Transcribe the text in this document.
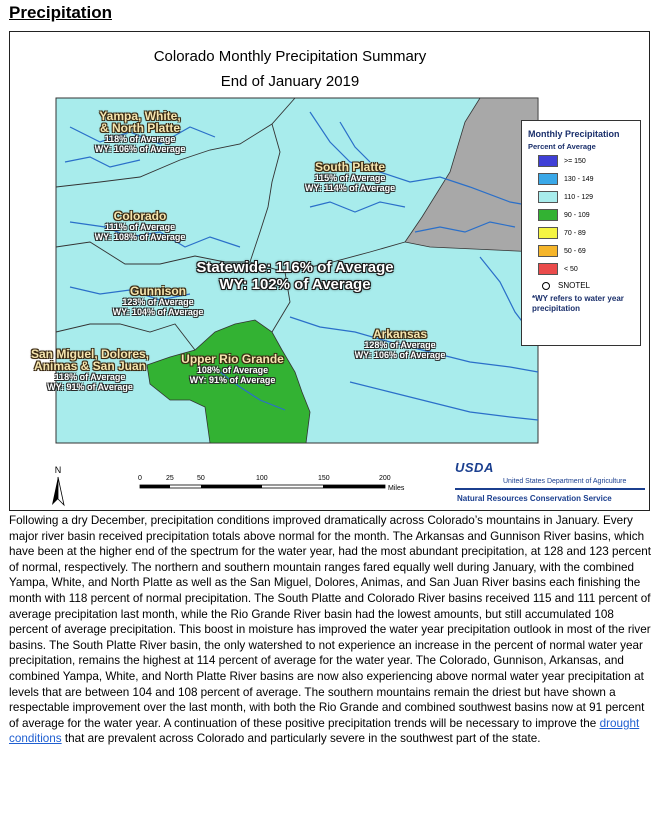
Precipitation
Colorado Monthly Precipitation Summary
End of January 2019
Yampa, White,
& North Platte
118% of Average
WY: 106% of Average
South Platte
115% of Average
WY: 114% of Average
Colorado
111% of Average
WY: 108% of Average
Gunnison
123% of Average
WY: 104% of Average
Arkansas
128% of Average
WY: 106% of Average
San Miguel, Dolores,
Animas & San Juan
118% of Average
WY: 91% of Average
Upper Rio Grande
108% of Average
WY: 91% of Average
Statewide: 116% of Average
WY: 102% of Average
Monthly Precipitation
Percent of Average
>= 150
130 - 149
110 - 129
90 - 109
70 - 89
50 - 69
< 50
SNOTEL
*WY refers to water year precipitation
N
0	25	50	100	150	200
Miles
USDA
United States Department of Agriculture
Natural Resources Conservation Service
Following a dry December, precipitation conditions improved dramatically across Colorado’s mountains in January. Every major river basin received precipitation totals above normal for the month. The Arkansas and Gunnison River basins, which have been at the higher end of the spectrum for the water year, had the most abundant precipitation, at 128 and 123 percent of normal, respectively. The northern and southern mountain ranges fared equally well during January, with the combined Yampa, White, and North Platte as well as the San Miguel, Dolores, Animas, and San Juan River basins each finishing the month with 118 percent of normal precipitation. The South Platte and Colorado River basins received 115 and 111 percent of average precipitation last month, while the Rio Grande River basin had the lowest amounts, but still accumulated 108 percent of average precipitation. This boost in moisture has improved the water year precipitation outlook in most of the river basins. The South Platte River basin, the only watershed to not experience an increase in the percent of normal water year precipitation, remains the highest at 114 percent of average for the water year. The Colorado, Gunnison, Arkansas, and combined Yampa, White, and North Platte River basins are now also experiencing above normal water year precipitation at levels that are between 104 and 108 percent of average. The southern mountains remain the driest but have shown a respectable improvement over the last month, with both the Rio Grande and combined southwest basins now at 91 percent of average for the water year. A continuation of these positive precipitation trends will be necessary to improve the drought conditions that are prevalent across Colorado and particularly severe in the southwest part of the state.
